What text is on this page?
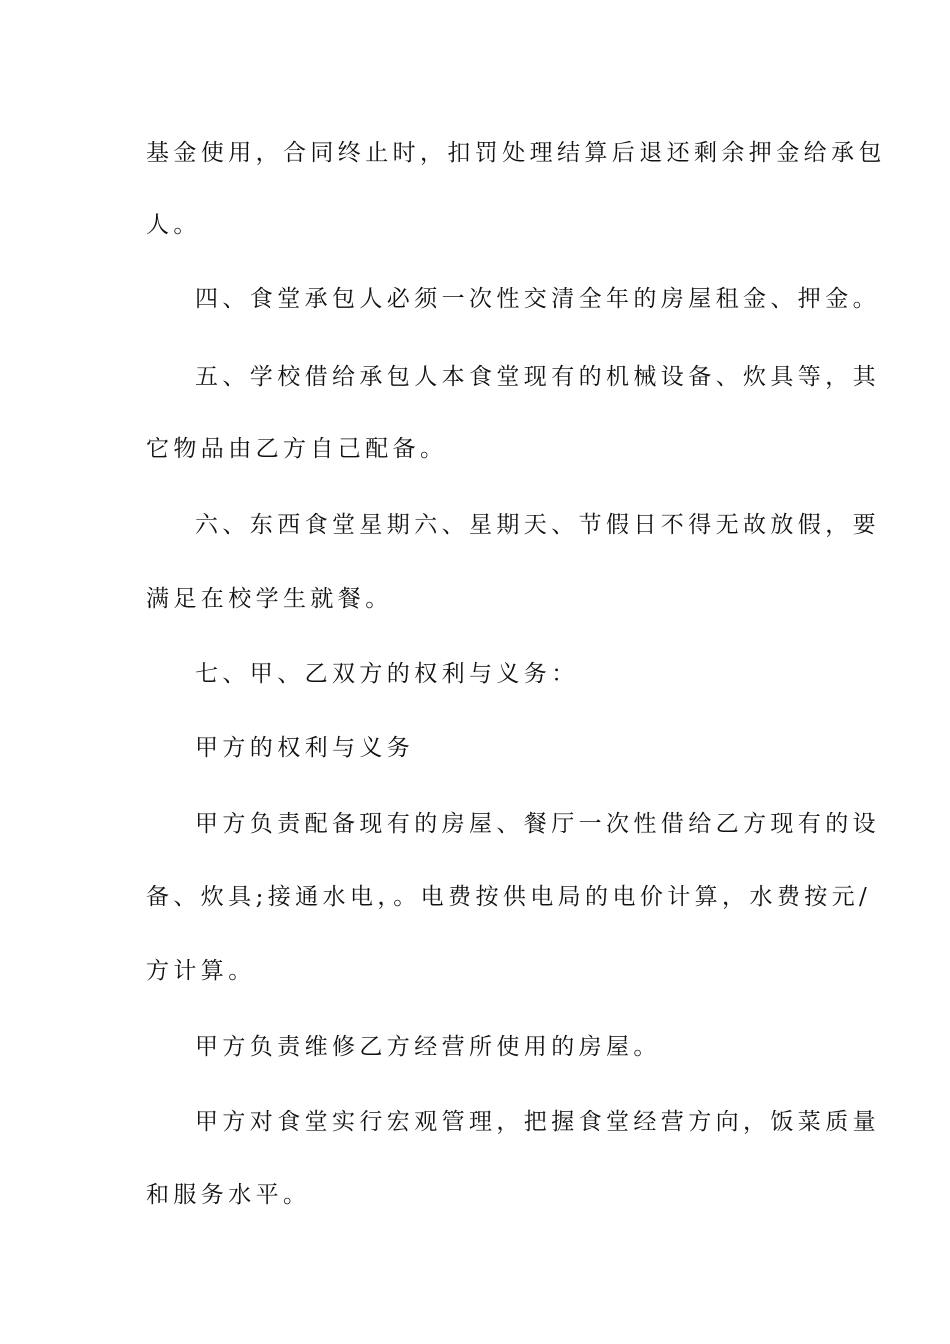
基金使用，合同终止时，扣罚处理结算后退还剩余押金给承包
人。
四、食堂承包人必须一次性交清全年的房屋租金、押金。
五、学校借给承包人本食堂现有的机械设备、炊具等，其
它物品由乙方自己配备。
六、东西食堂星期六、星期天、节假日不得无故放假，要
满足在校学生就餐。
七、甲、乙双方的权利与义务：
甲方的权利与义务
甲方负责配备现有的房屋、餐厅一次性借给乙方现有的设
备、炊具;接通水电，。电费按供电局的电价计算，水费按元/
方计算。
甲方负责维修乙方经营所使用的房屋。
甲方对食堂实行宏观管理，把握食堂经营方向，饭菜质量
和服务水平。
